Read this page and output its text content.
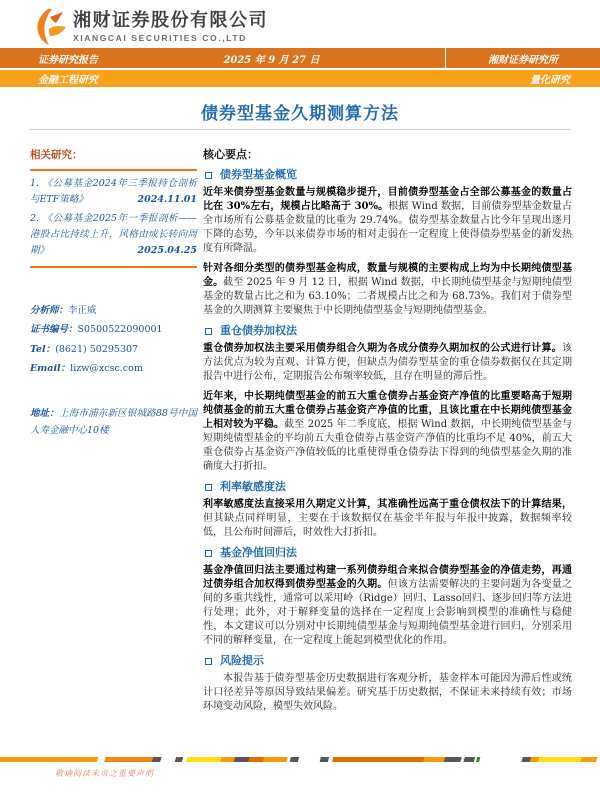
湘财证券股份有限公司
XIANGCAI SECURITIES CO.,LTD
证券研究报告	2025 年 9 月 27 日	湘财证券研究所
金融工程研究	量化研究
债券型基金久期测算方法
相关研究：
1. 《公募基金2024年三季报持仓剖析与ETF策略》	2024.11.01
2. 《公募基金2025年一季报剖析——港股占比持续上升，风格由成长转向周期》	2025.04.25
分析师：李正威
证书编号：S0500522090001
Tel：(8621) 50295307
Email：lizw@xcsc.com
地址：上海市浦东新区银城路88号中国人寿金融中心10楼
核心要点：
债券型基金概览

近年来债券型基金数量与规模稳步提升，目前债券型基金占全部公募基金的数量占比在 30%左右，规模占比略高于 30%。根据 Wind 数据，目前债券型基金数量占全市场所有公募基金数量的比重为 29.74%。债券型基金数量占比今年呈现出逐月下降的态势，今年以来债券市场的相对走弱在一定程度上使得债券型基金的新发热度有所降温。

针对各细分类型的债券型基金构成，数量与规模的主要构成上均为中长期纯债型基金。截至 2025 年 9 月 12 日，根据 Wind 数据，中长期纯债型基金与短期纯债型基金的数量占比之和为 63.10%；二者规模占比之和为 68.73%。我们对于债券型基金的久期测算主要聚焦于中长期纯债型基金与短期纯债型基金。

重仓债券加权法

重仓债券加权法主要采用债券组合久期为各成分债券久期加权的公式进行计算。该方法优点为较为直观、计算方便，但缺点为债券型基金的重仓债券数据仅在其定期报告中进行公布，定期报告公布频率较低，且存在明显的滞后性。

近年来，中长期纯债型基金的前五大重仓债券占基金资产净值的比重要略高于短期纯债基金的前五大重仓债券占基金资产净值的比重，且该比重在中长期纯债型基金上相对较为平稳。截至 2025 年二季度底，根据 Wind 数据，中长期纯债型基金与短期纯债型基金的平均前五大重仓债券占基金资产净值的比重均不足 40%，前五大重仓债券占基金资产净值较低的比重使得重仓债券法下得到的纯债型基金久期的准确度大打折扣。

利率敏感度法

利率敏感度法直接采用久期定义计算，其准确性远高于重仓债权法下的计算结果，但其缺点同样明显，主要在于该数据仅在基金半年报与年报中披露，数据频率较低，且公布时间滞后，时效性大打折扣。

基金净值回归法

基金净值回归法主要通过构建一系列债券组合来拟合债券型基金的净值走势，再通过债券组合加权得到债券型基金的久期。但该方法需要解决的主要问题为各变量之间的多重共线性，通常可以采用岭（Ridge）回归、Lasso回归、逐步回归等方法进行处理；此外，对于解释变量的选择在一定程度上会影响到模型的准确性与稳健性，本文建议可以分别对中长期纯债型基金与短期纯债型基金进行回归，分别采用不同的解释变量，在一定程度上能起到模型优化的作用。

风险提示

本报告基于债券型基金历史数据进行客观分析，基金样本可能因为滞后性或统计口径差异等原因导致结果偏差。研究基于历史数据，不保证未来持续有效；市场环境变动风险，模型失效风险。

敬请阅读末页之重要声明
